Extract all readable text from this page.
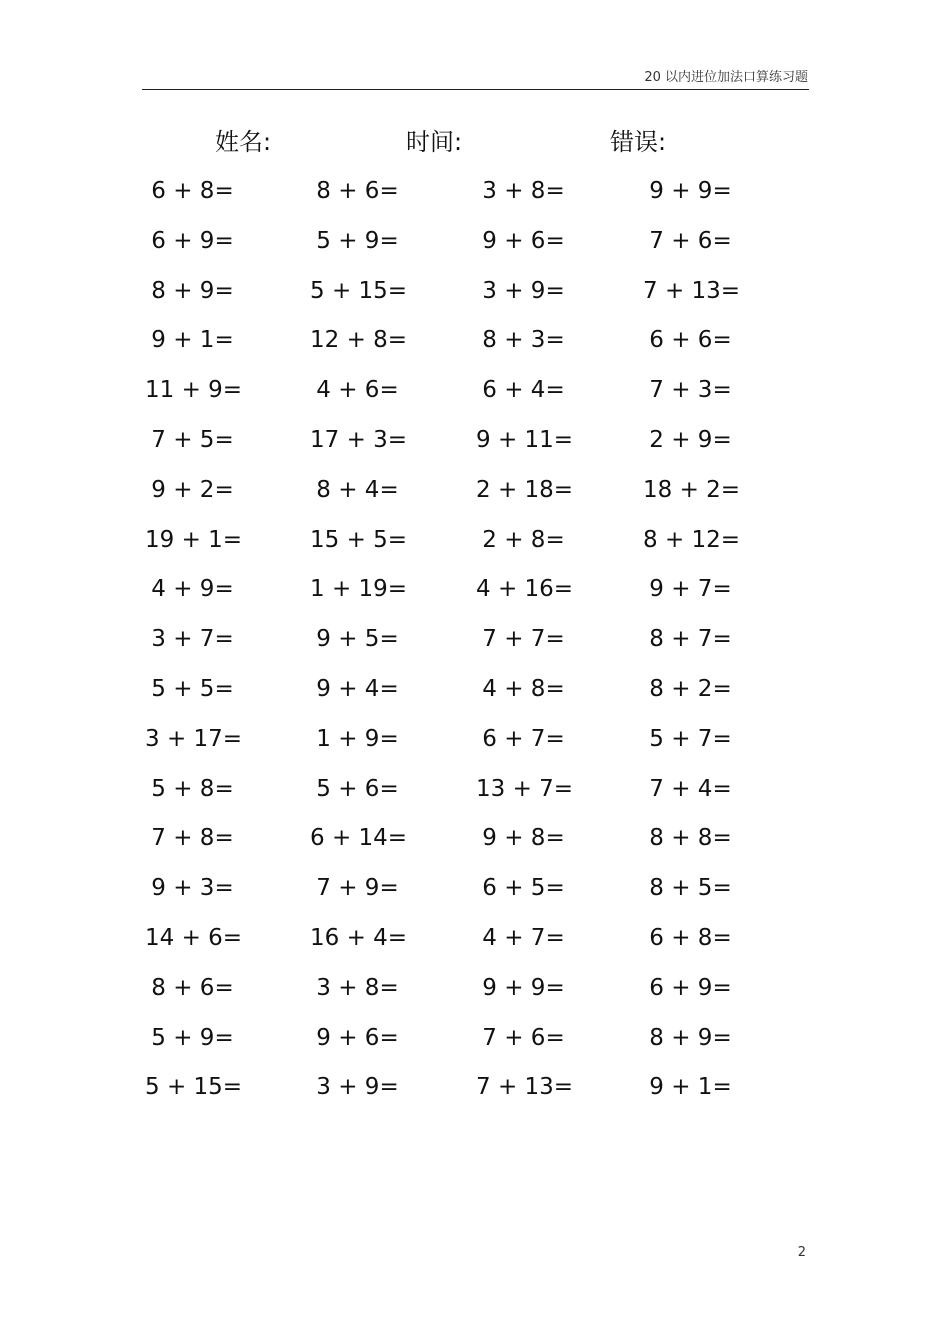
20 以内进位加法口算练习题
姓名:	时间:	错误:
6 + 8=	8 + 6=	3 + 8=	9 + 9=
6 + 9=	5 + 9=	9 + 6=	7 + 6=
8 + 9=	5 + 15=	3 + 9=	7 + 13=
9 + 1=	12 + 8=	8 + 3=	6 + 6=
11 + 9=	4 + 6=	6 + 4=	7 + 3=
7 + 5=	17 + 3=	9 + 11=	2 + 9=
9 + 2=	8 + 4=	2 + 18=	18 + 2=
19 + 1=	15 + 5=	2 + 8=	8 + 12=
4 + 9=	1 + 19=	4 + 16=	9 + 7=
3 + 7=	9 + 5=	7 + 7=	8 + 7=
5 + 5=	9 + 4=	4 + 8=	8 + 2=
3 + 17=	1 + 9=	6 + 7=	5 + 7=
5 + 8=	5 + 6=	13 + 7=	7 + 4=
7 + 8=	6 + 14=	9 + 8=	8 + 8=
9 + 3=	7 + 9=	6 + 5=	8 + 5=
14 + 6=	16 + 4=	4 + 7=	6 + 8=
8 + 6=	3 + 8=	9 + 9=	6 + 9=
5 + 9=	9 + 6=	7 + 6=	8 + 9=
5 + 15=	3 + 9=	7 + 13=	9 + 1=
2
